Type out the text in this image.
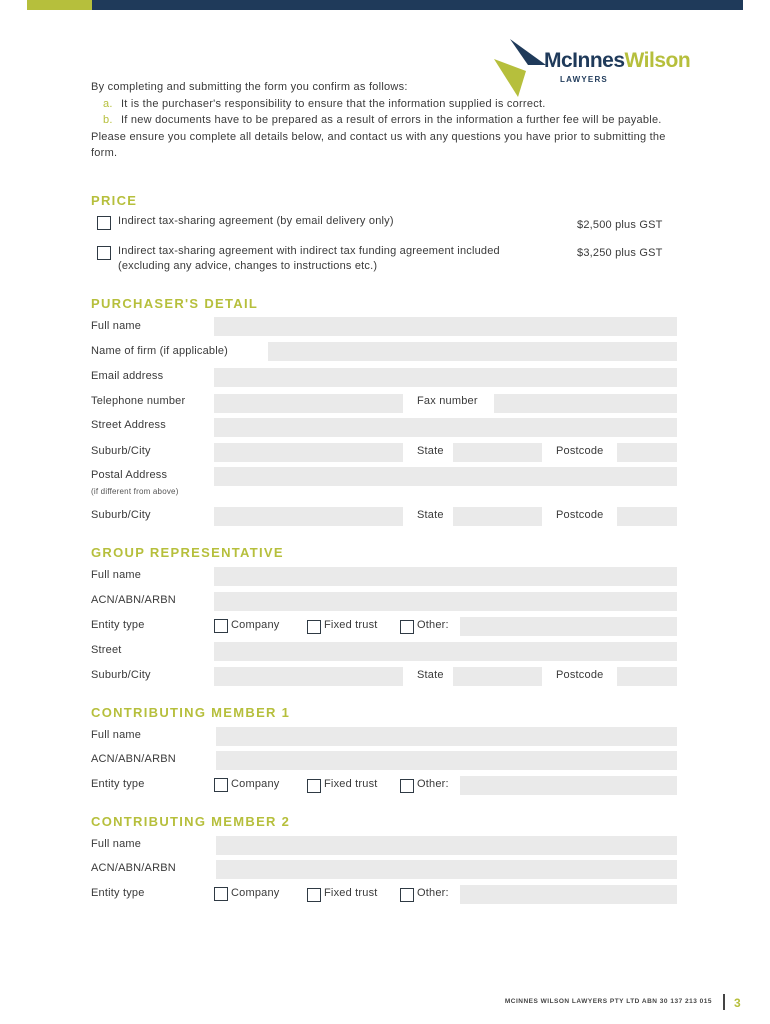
McInnesWilson
LAWYERS

By completing and submitting the form you confirm as follows:

a. It is the purchaser's responsibility to ensure that the information supplied is correct.
b. If new documents have to be prepared as a result of errors in the information a further fee will be payable.

Please ensure you complete all details below, and contact us with any questions you have prior to submitting the form.

PRICE
Indirect tax-sharing agreement (by email delivery only)	$2,500 plus GST
Indirect tax-sharing agreement with indirect tax funding agreement included (excluding any advice, changes to instructions etc.)
$3,250 plus GST
PURCHASER'S DETAIL
Full name
Name of firm (if applicable)
Email address
Telephone number	Fax number
Street Address
Suburb/City	State	Postcode
Postal Address
(if different from above)
Suburb/City	State	Postcode
GROUP REPRESENTATIVE
Full name
ACN/ABN/ARBN
Entity type	Company	Fixed trust	Other:
Street
Suburb/City	State	Postcode
CONTRIBUTING MEMBER 1
Full name
ACN/ABN/ARBN
Entity type	Company	Fixed trust	Other:
CONTRIBUTING MEMBER 2
Full name
ACN/ABN/ARBN
Entity type	Company	Fixed trust	Other:
MCINNES WILSON LAWYERS PTY LTD ABN 30 137 213 015 3
